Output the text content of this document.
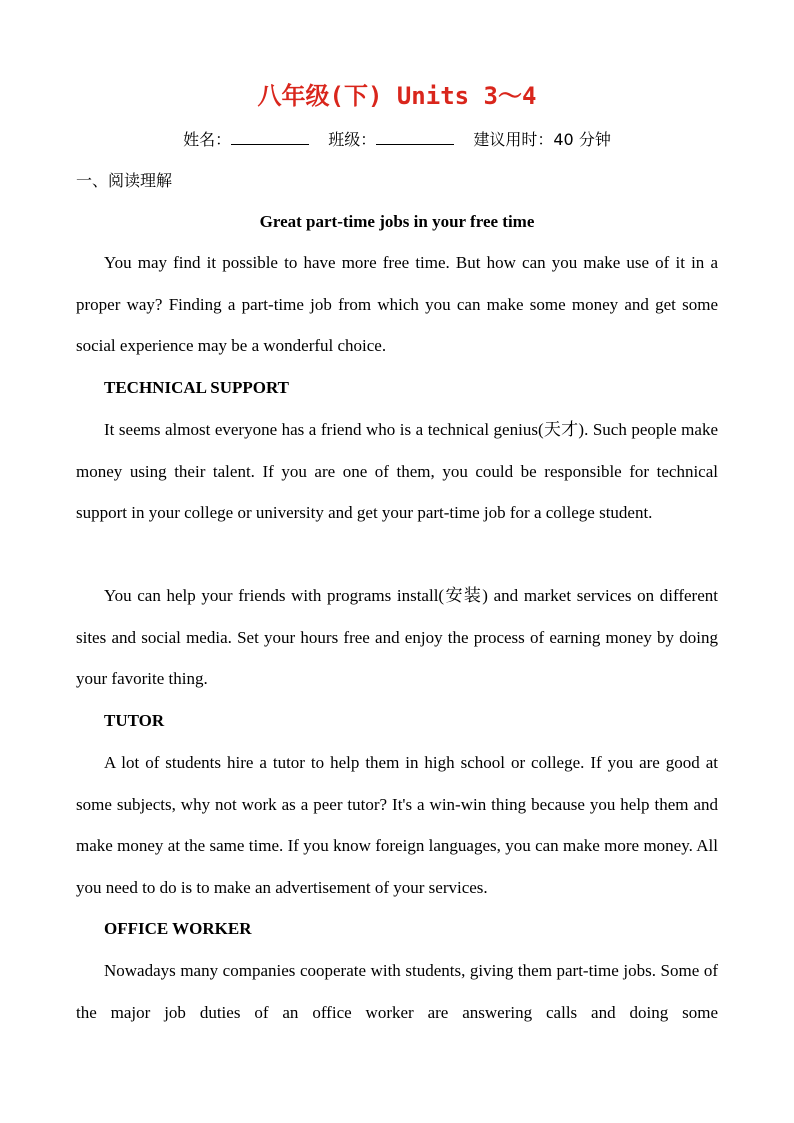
八年级(下) Units 3～4
姓名：	班级：	建议用时：40 分钟
一、阅读理解
Great part-time jobs in your free time

You may find it possible to have more free time. But how can you make use of it in a proper way? Finding a part-time job from which you can make some money and get some social experience may be a wonderful choice.

TECHNICAL SUPPORT

It seems almost everyone has a friend who is a technical genius(天才). Such people make money using their talent. If you are one of them, you could be responsible for technical support in your college or university and get your part-time job for a college student.

You can help your friends with programs install(安装) and market services on different sites and social media. Set your hours free and enjoy the process of earning money by doing your favorite thing.

TUTOR

A lot of students hire a tutor to help them in high school or college. If you are good at some subjects, why not work as a peer tutor? It's a win-win thing because you help them and make money at the same time. If you know foreign languages, you can make more money. All you need to do is to make an advertisement of your services.

OFFICE WORKER

Nowadays many companies cooperate with students, giving them part-time jobs. Some of the major job duties of an office worker are answering calls and doing some
